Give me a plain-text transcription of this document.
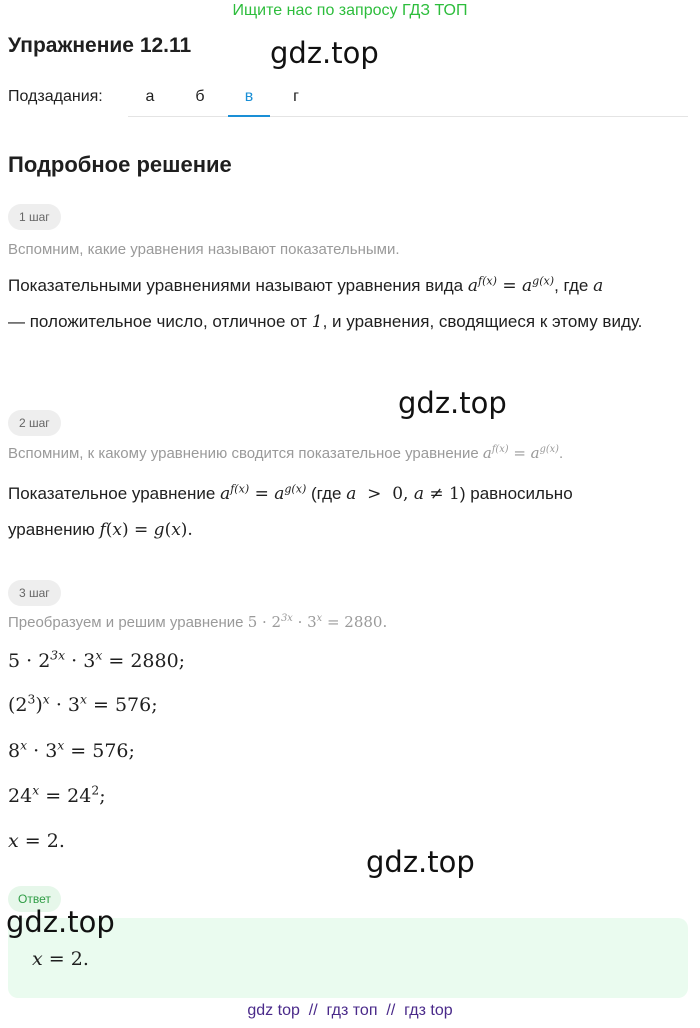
Ищите нас по запросу ГДЗ ТОП
Упражнение 12.11	gdz.top
Подзадания:	а	б	в	г
Подробное решение
1 шаг
Вспомним, какие уравнения называют показательными.
Показательными уравнениями называют уравнения вида $a^{f(x)} = a^{g(x)}$, где a
— положительное число, отличное от 1, и уравнения, сводящиеся к этому виду.
gdz.top
2 шаг
Вспомним, к какому уравнению сводится показательное уравнение $a^{f(x)} = a^{g(x)}$.
Показательное уравнение $a^{f(x)} = a^{g(x)}$ (где a  >  0, a ≠ 1) равносильно
уравнению f(x) = g(x).
3 шаг
Преобразуем и решим уравнение $5 \cdot 2^{3x} \cdot 3^x = 2880$.
$5 \cdot 2^{3x} \cdot 3^x = 2880$;
$(2^3)^x \cdot 3^x = 576$;
$8^x \cdot 3^x = 576$;
$24^x = 24^2$;
x = 2.
gdz.top
Ответ
x = 2.
gdz.top
gdz top  //  гдз топ  //  гдз top
